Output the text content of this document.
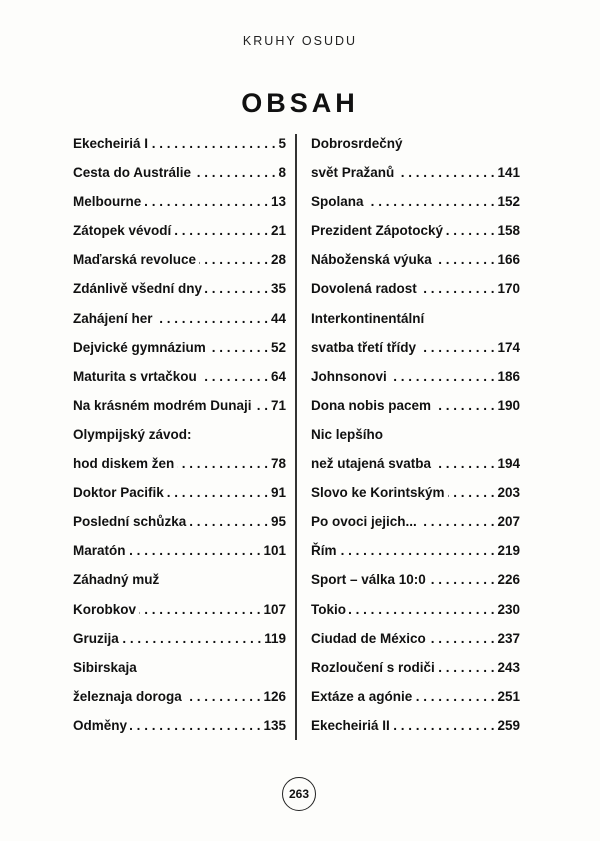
KRUHY OSUDU
OBSAH
Ekecheiriá I . . .	5
Cesta do Austrálie . . .	8
Melbourne . . .	13
Zátopek vévodí . . .	21
Maďarská revoluce . . .	28
Zdánlivě všední dny . . .	35
Zahájení her . . .	44
Dejvické gymnázium . . .	52
Maturita s vrtačkou . . .	64
Na krásném modrém Dunaji . . . 71
Olympijský závod:
hod diskem žen . . .	78
Doktor Pacifik . . .	91
Poslední schůzka . . .	95
Maratón . . .	101
Záhadný muž
Korobkov . . .	107
Gruzija . . .	119
Sibirskaja
železnaja doroga . . .	126
Odměny . . .	135
Dobrosrdečný
svět Pražanů . . .	141
Spolana . . .	152
Prezident Zápotocký . . .	158
Náboženská výuka . . .	166
Dovolená radost . . .	170
Interkontinentální
svatba třetí třídy . . .	174
Johnsonovi . . .	186
Dona nobis pacem . . .	190
Nic lepšího
než utajená svatba . . .	194
Slovo ke Korintským . . .	203
Po ovoci jejich... . . .	207
Řím . . .	219
Sport – válka 10:0 . . .	226
Tokio . . .	230
Ciudad de México . . .	237
Rozloučení s rodiči . . .	243
Extáze a agónie . . .	251
Ekecheiriá II . . .	259
263
